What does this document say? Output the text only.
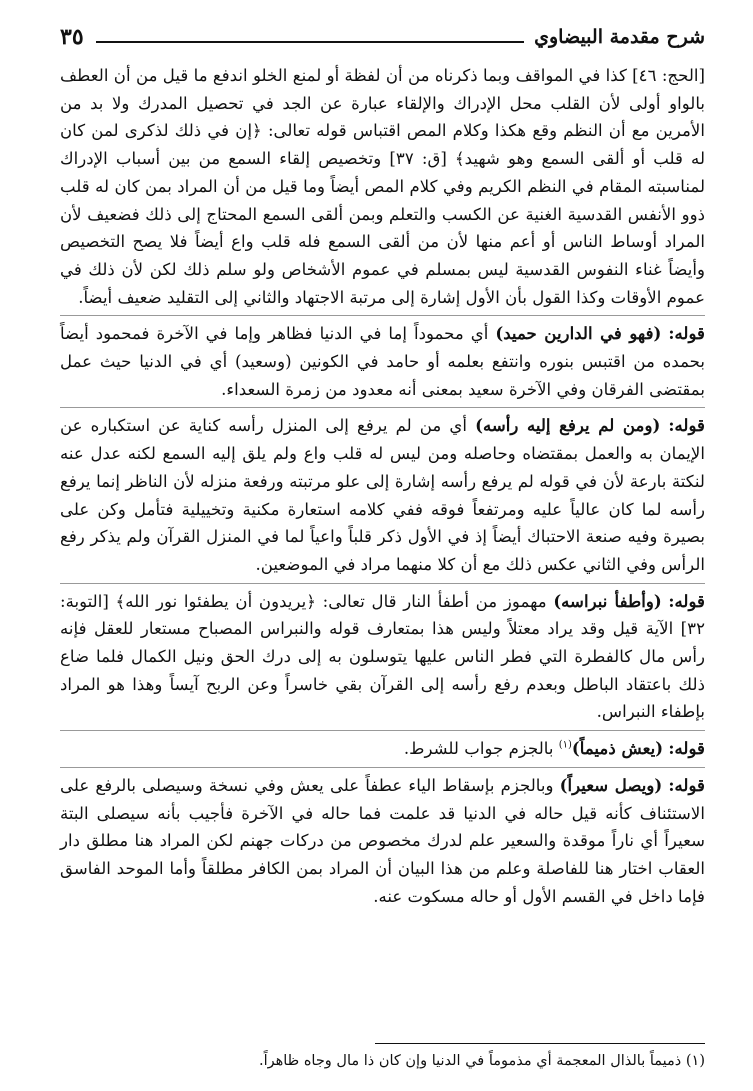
شرح مقدمة البيضاوي
٣٥

[الحج: ٤٦] كذا في المواقف وبما ذكرناه من أن لفظة أو لمنع الخلو اندفع ما قيل من أن العطف بالواو أولى لأن القلب محل الإدراك والإلقاء عبارة عن الجد في تحصيل المدرك ولا بد من الأمرين مع أن النظم وقع هكذا وكلام المص اقتباس قوله تعالى: ﴿إن في ذلك لذكرى لمن كان له قلب أو ألقى السمع وهو شهيد﴾ [ق: ٣٧] وتخصيص إلقاء السمع من بين أسباب الإدراك لمناسبته المقام في النظم الكريم وفي كلام المص أيضاً وما قيل من أن المراد بمن كان له قلب ذوو الأنفس القدسية الغنية عن الكسب والتعلم وبمن ألقى السمع المحتاج إلى ذلك فضعيف لأن المراد أوساط الناس أو أعم منها لأن من ألقى السمع فله قلب واع أيضاً فلا يصح التخصيص وأيضاً غناء النفوس القدسية ليس بمسلم في عموم الأشخاص ولو سلم ذلك لكن لأن ذلك في عموم الأوقات وكذا القول بأن الأول إشارة إلى مرتبة الاجتهاد والثاني إلى التقليد ضعيف أيضاً.

قوله: (فهو في الدارين حميد) أي محموداً إما في الدنيا فظاهر وإما في الآخرة فمحمود أيضاً بحمده من اقتبس بنوره وانتفع بعلمه أو حامد في الكونين (وسعيد) أي في الدنيا حيث عمل بمقتضى الفرقان وفي الآخرة سعيد بمعنى أنه معدود من زمرة السعداء.

قوله: (ومن لم يرفع إليه رأسه) أي من لم يرفع إلى المنزل رأسه كناية عن استكباره عن الإيمان به والعمل بمقتضاه وحاصله ومن ليس له قلب واع ولم يلق إليه السمع لكنه عدل عنه لنكتة بارعة لأن في قوله لم يرفع رأسه إشارة إلى علو مرتبته ورفعة منزله لأن الناظر إنما يرفع رأسه لما كان عالياً عليه ومرتفعاً فوقه ففي كلامه استعارة مكنية وتخييلية فتأمل وكن على بصيرة وفيه صنعة الاحتباك أيضاً إذ في الأول ذكر قلباً واعياً لما في المنزل القرآن ولم يذكر رفع الرأس وفي الثاني عكس ذلك مع أن كلا منهما مراد في الموضعين.

قوله: (وأطفأ نبراسه) مهموز من أطفأ النار قال تعالى: ﴿يريدون أن يطفئوا نور الله﴾ [التوبة: ٣٢] الآية قيل وقد يراد معتلاً وليس هذا بمتعارف قوله والنبراس المصباح مستعار للعقل فإنه رأس مال كالفطرة التي فطر الناس عليها يتوسلون به إلى درك الحق ونيل الكمال فلما ضاع ذلك باعتقاد الباطل وبعدم رفع رأسه إلى القرآن بقي خاسراً وعن الربح آيساً وهذا هو المراد بإطفاء النبراس.

قوله: (يعش ذميماً)$^{(١)}$ بالجزم جواب للشرط.

قوله: (ويصل سعيراً) وبالجزم بإسقاط الياء عطفاً على يعش وفي نسخة وسيصلى بالرفع على الاستئناف كأنه قيل حاله في الدنيا قد علمت فما حاله في الآخرة فأجيب بأنه سيصلى البتة سعيراً أي ناراً موقدة والسعير علم لدرك مخصوص من دركات جهنم لكن المراد هنا مطلق دار العقاب اختار هنا للفاصلة وعلم من هذا البيان أن المراد بمن الكافر مطلقاً وأما الموحد الفاسق فإما داخل في القسم الأول أو حاله مسكوت عنه.

(١) ذميماً بالذال المعجمة أي مذموماً في الدنيا وإن كان ذا مال وجاه ظاهراً.
